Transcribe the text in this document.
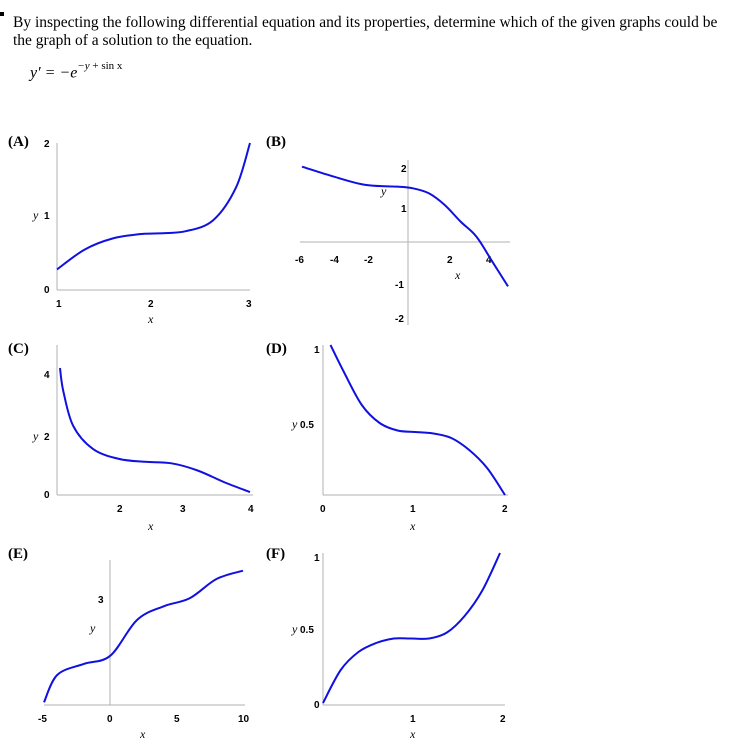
By inspecting the following differential equation and its properties, determine which of the given graphs could be
the graph of a solution to the equation.
$y' = -e^{-y + sin x}$
(A)	(B)
(C)	(D)
(E)	(F)
2
1
0
y
1	2	3
x
2
1
-1
-2
y
-6	-4	-2	2	4
x
4
2
0
y
2	3	4
x
1
0.5
y
0	1	2
x
3
y
-5	0	5	10
x
1
0.5
y
0
1	2
x
